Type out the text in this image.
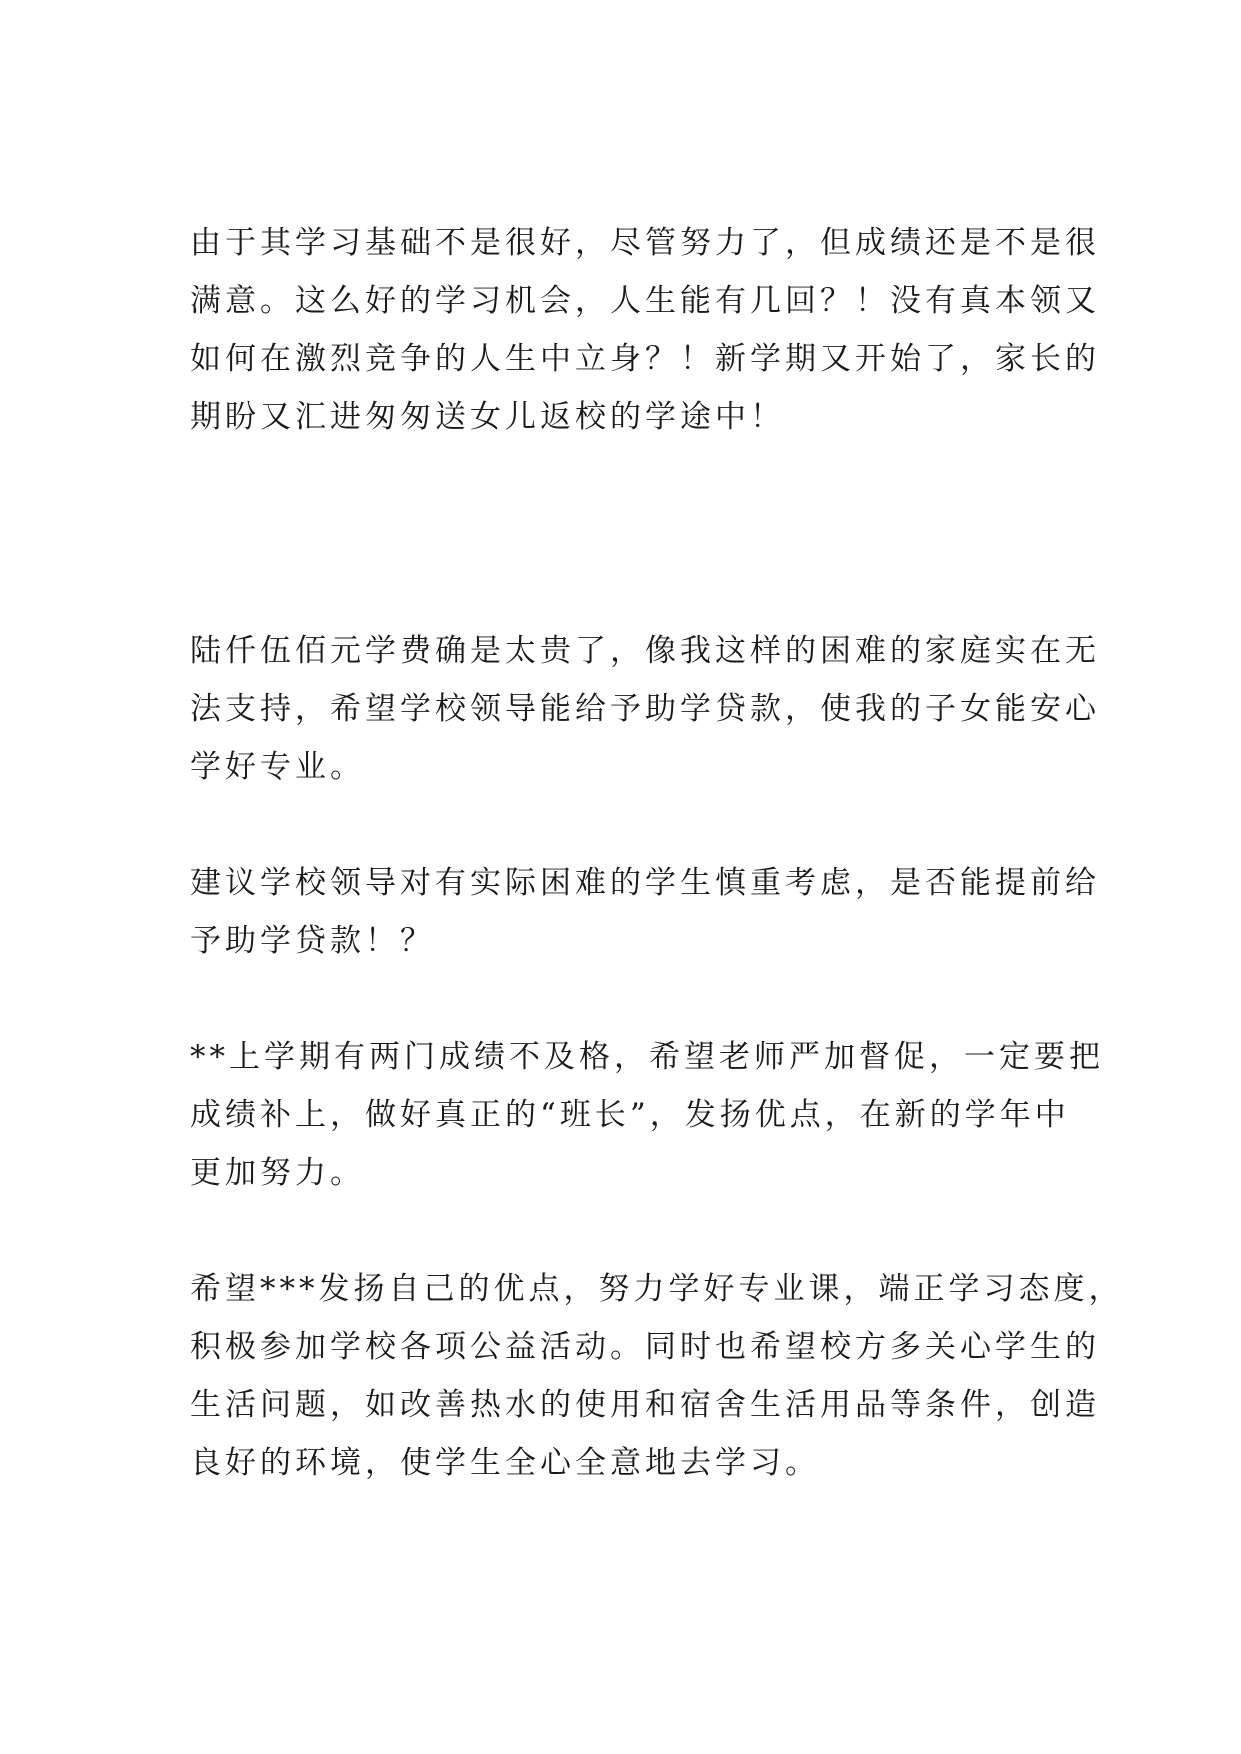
由于其学习基础不是很好，尽管努力了，但成绩还是不是很
满意。这么好的学习机会，人生能有几回？！没有真本领又
如何在激烈竞争的人生中立身？！新学期又开始了，家长的
期盼又汇进匆匆送女儿返校的学途中！

陆仟伍佰元学费确是太贵了，像我这样的困难的家庭实在无
法支持，希望学校领导能给予助学贷款，使我的子女能安心
学好专业。

建议学校领导对有实际困难的学生慎重考虑，是否能提前给
予助学贷款！？

**上学期有两门成绩不及格，希望老师严加督促，一定要把
成绩补上，做好真正的“班长”，发扬优点，在新的学年中
更加努力。

希望***发扬自己的优点，努力学好专业课，端正学习态度，
积极参加学校各项公益活动。同时也希望校方多关心学生的
生活问题，如改善热水的使用和宿舍生活用品等条件，创造
良好的环境，使学生全心全意地去学习。
